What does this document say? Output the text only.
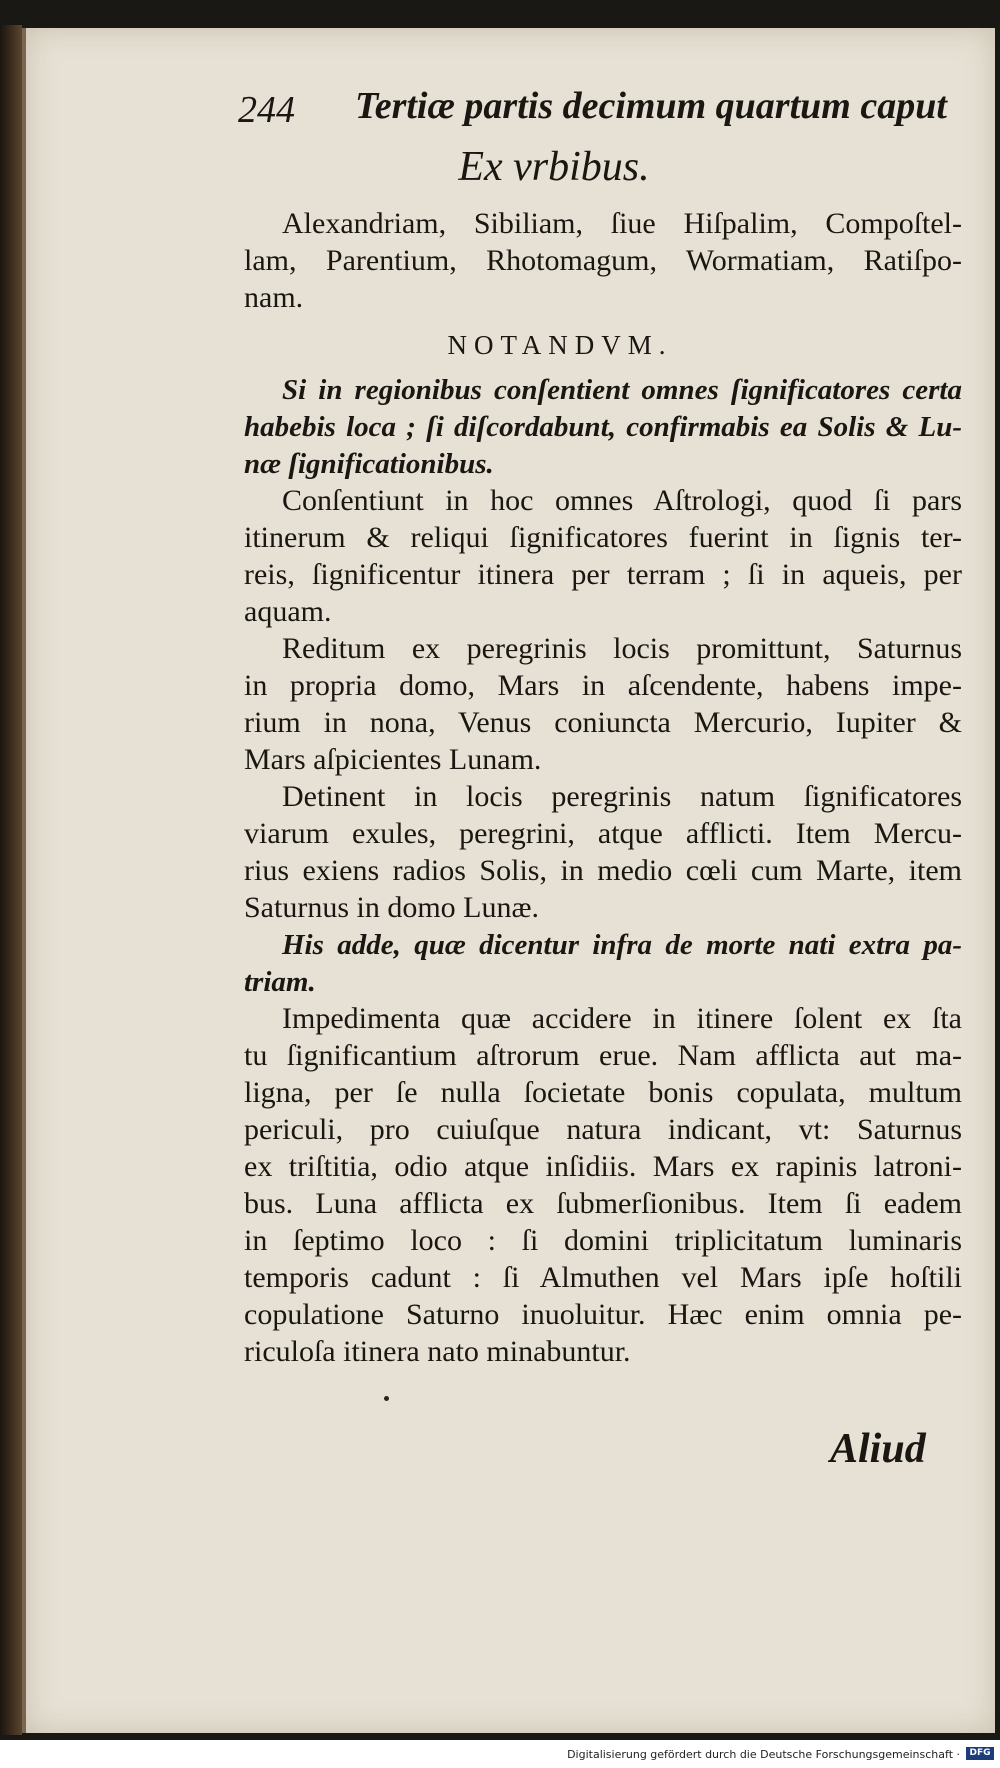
244 Tertiæ partis decimum quartum caput
Ex vrbibus.
NOTANDVM.
Alexandriam, Sibiliam, ſiue Hiſpalim, Compoſtel-
lam, Parentium, Rhotomagum, Wormatiam, Ratiſpo-
nam.
Si in regionibus conſentient omnes ſignificatores certa
habebis loca ; ſi diſcordabunt, confirmabis ea Solis & Lu-
næ ſignificationibus.
Conſentiunt in hoc omnes Aſtrologi, quod ſi pars
itinerum & reliqui ſignificatores fuerint in ſignis ter-
reis, ſignificentur itinera per terram ; ſi in aqueis, per
aquam.
Reditum ex peregrinis locis promittunt, Saturnus
in propria domo, Mars in aſcendente, habens impe-
rium in nona, Venus coniuncta Mercurio, Iupiter &
Mars aſpicientes Lunam.
Detinent in locis peregrinis natum ſignificatores
viarum exules, peregrini, atque afflicti. Item Mercu-
rius exiens radios Solis, in medio cœli cum Marte, item
Saturnus in domo Lunæ.
His adde, quæ dicentur infra de morte nati extra pa-
triam.
Impedimenta quæ accidere in itinere ſolent ex ſta
tu ſignificantium aſtrorum erue. Nam afflicta aut ma-
ligna, per ſe nulla ſocietate bonis copulata, multum
periculi, pro cuiuſque natura indicant, vt: Saturnus
ex triſtitia, odio atque inſidiis. Mars ex rapinis latroni-
bus. Luna afflicta ex ſubmerſionibus. Item ſi eadem
in ſeptimo loco : ſi domini triplicitatum luminaris
temporis cadunt : ſi Almuthen vel Mars ipſe hoſtili
copulatione Saturno inuoluitur. Hæc enim omnia pe-
riculoſa itinera nato minabuntur.
Aliud
Digitalisierung gefördert durch die Deutsche Forschungsgemeinschaft ·	DFG
